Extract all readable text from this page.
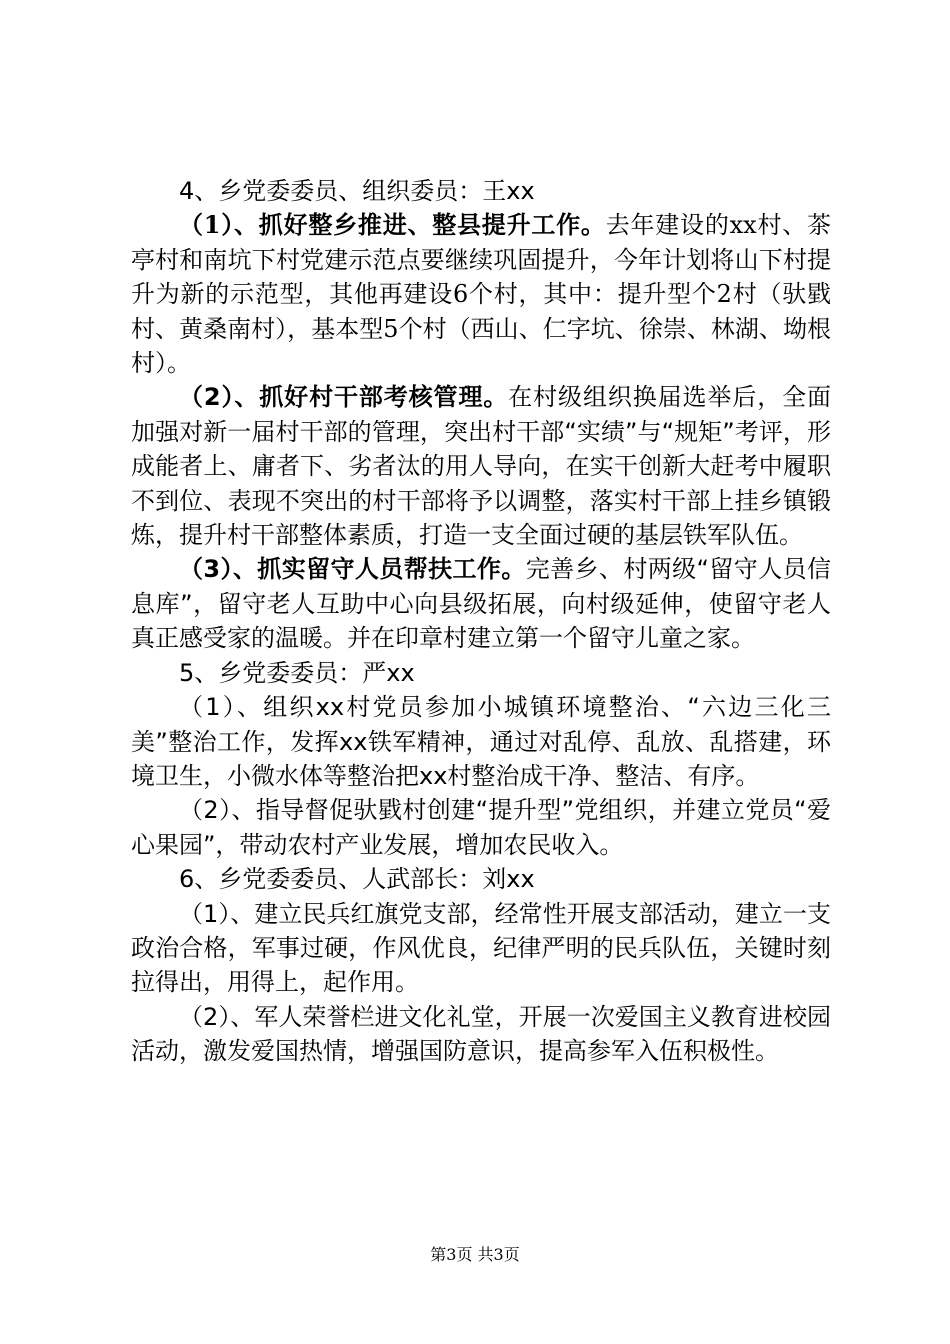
4、乡党委委员、组织委员：王xx

（1）、抓好整乡推进、整县提升工作。去年建设的xx村、茶亭村和南坑下村党建示范点要继续巩固提升，今年计划将山下村提升为新的示范型，其他再建设6个村，其中：提升型个2村（驮戥村、黄桑南村），基本型5个村（西山、仁字坑、徐崇、林湖、坳根村）。

（2）、抓好村干部考核管理。在村级组织换届选举后，全面加强对新一届村干部的管理，突出村干部“实绩”与“规矩”考评，形成能者上、庸者下、劣者汰的用人导向，在实干创新大赶考中履职不到位、表现不突出的村干部将予以调整，落实村干部上挂乡镇锻炼，提升村干部整体素质，打造一支全面过硬的基层铁军队伍。

（3）、抓实留守人员帮扶工作。完善乡、村两级“留守人员信息库”，留守老人互助中心向县级拓展，向村级延伸，使留守老人真正感受家的温暖。并在印章村建立第一个留守儿童之家。

5、乡党委委员：严xx

（1）、组织xx村党员参加小城镇环境整治、“六边三化三美”整治工作，发挥xx铁军精神，通过对乱停、乱放、乱搭建，环境卫生，小微水体等整治把xx村整治成干净、整洁、有序。

（2）、指导督促驮戥村创建“提升型”党组织，并建立党员“爱心果园”，带动农村产业发展，增加农民收入。

6、乡党委委员、人武部长：刘xx

（1）、建立民兵红旗党支部，经常性开展支部活动，建立一支政治合格，军事过硬，作风优良，纪律严明的民兵队伍，关键时刻拉得出，用得上，起作用。

（2）、军人荣誉栏进文化礼堂，开展一次爱国主义教育进校园活动，激发爱国热情，增强国防意识，提高参军入伍积极性。

第3页 共3页
